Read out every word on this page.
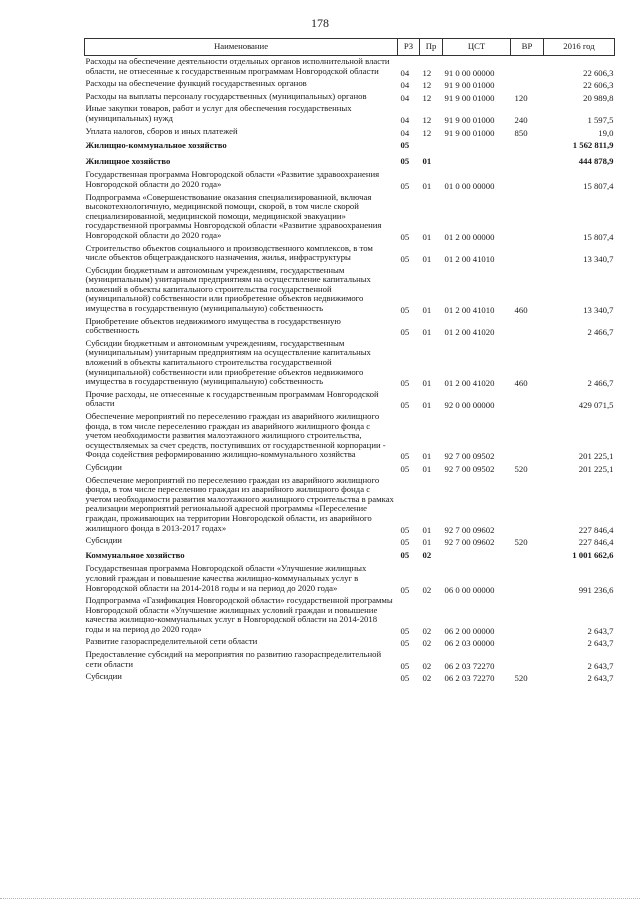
178
Наименование	РЗ	Пр	ЦСТ	ВР	2016 год
Расходы на обеспечение деятельности отдельных органов исполнительной власти области, не отнесенные к государственным программам Новгородской области	04	12	91 0 00 00000		22 606,3
Расходы на обеспечение функций государственных органов	04	12	91 9 00 01000		22 606,3
Расходы на выплаты персоналу государственных (муниципальных) органов	04	12	91 9 00 01000	120	20 989,8
Иные закупки товаров, работ и услуг для обеспечения государственных (муниципальных) нужд	04	12	91 9 00 01000	240	1 597,5
Уплата налогов, сборов и иных платежей	04	12	91 9 00 01000	850	19,0
Жилищно-коммунальное хозяйство	05				1 562 811,9
Жилищное хозяйство	05	01			444 878,9
Государственная программа Новгородской области «Развитие здравоохранения Новгородской области до 2020 года»	05	01	01 0 00 00000		15 807,4
Подпрограмма «Совершенствование оказания специализированной, включая высокотехнологичную, медицинской помощи, скорой, в том числе скорой специализированной, медицинской помощи, медицинской эвакуации» государственной программы Новгородской области «Развитие здравоохранения Новгородской области до 2020 года»	05	01	01 2 00 00000		15 807,4
Строительство объектов социального и производственного комплексов, в том числе объектов общегражданского назначения, жилья, инфраструктуры	05	01	01 2 00 41010		13 340,7
Субсидии бюджетным и автономным учреждениям, государственным (муниципальным) унитарным предприятиям на осуществление капитальных вложений в объекты капитального строительства государственной (муниципальной) собственности или приобретение объектов недвижимого имущества в государственную (муниципальную) собственность	05	01	01 2 00 41010	460	13 340,7
Приобретение объектов недвижимого имущества в государственную собственность	05	01	01 2 00 41020		2 466,7
Субсидии бюджетным и автономным учреждениям, государственным (муниципальным) унитарным предприятиям на осуществление капитальных вложений в объекты капитального строительства государственной (муниципальной) собственности или приобретение объектов недвижимого имущества в государственную (муниципальную) собственность	05	01	01 2 00 41020	460	2 466,7
Прочие расходы, не отнесенные к государственным программам Новгородской области	05	01	92 0 00 00000		429 071,5
Обеспечение мероприятий по переселению граждан из аварийного жилищного фонда, в том числе переселению граждан из аварийного жилищного фонда с учетом необходимости развития малоэтажного жилищного строительства, осуществляемых за счет средств, поступивших от государственной корпорации - Фонда содействия реформированию жилищно-коммунального хозяйства	05	01	92 7 00 09502		201 225,1
Субсидии	05	01	92 7 00 09502	520	201 225,1
Обеспечение мероприятий по переселению граждан из аварийного жилищного фонда, в том числе переселению граждан из аварийного жилищного фонда с учетом необходимости развития малоэтажного жилищного строительства в рамках реализации мероприятий региональной адресной программы «Переселение граждан, проживающих на территории Новгородской области, из аварийного жилищного фонда в 2013-2017 годах»	05	01	92 7 00 09602		227 846,4
Субсидии	05	01	92 7 00 09602	520	227 846,4
Коммунальное хозяйство	05	02			1 001 662,6
Государственная программа Новгородской области «Улучшение жилищных условий граждан и повышение качества жилищно-коммунальных услуг в Новгородской области на 2014-2018 годы и на период до 2020 года»	05	02	06 0 00 00000		991 236,6
Подпрограмма «Газификация Новгородской области» государственной программы Новгородской области «Улучшение жилищных условий граждан и повышение качества жилищно-коммунальных услуг в Новгородской области на 2014-2018 годы и на период до 2020 года»	05	02	06 2 00 00000		2 643,7
Развитие газораспределительной сети области	05	02	06 2 03 00000		2 643,7
Предоставление субсидий на мероприятия по развитию газораспределительной сети области	05	02	06 2 03 72270		2 643,7
Субсидии	05	02	06 2 03 72270	520	2 643,7
